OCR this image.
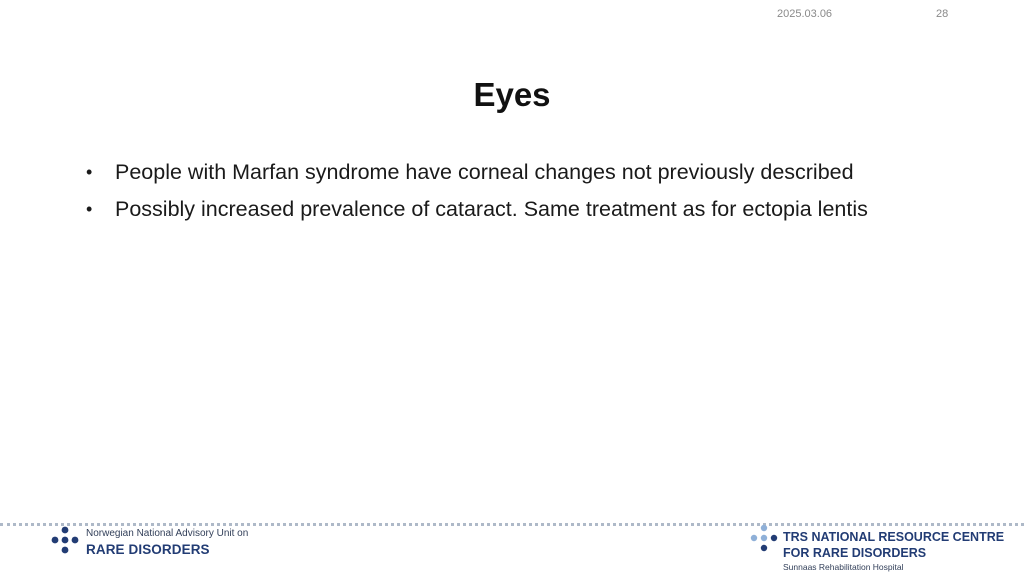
2025.03.06	28
Eyes
• People with Marfan syndrome have corneal changes not previously described
• Possibly increased prevalence of cataract. Same treatment as for ectopia lentis
Norwegian National Advisory Unit on
RARE DISORDERS
TRS NATIONAL RESOURCE CENTRE
FOR RARE DISORDERS
Sunnaas Rehabilitation Hospital
